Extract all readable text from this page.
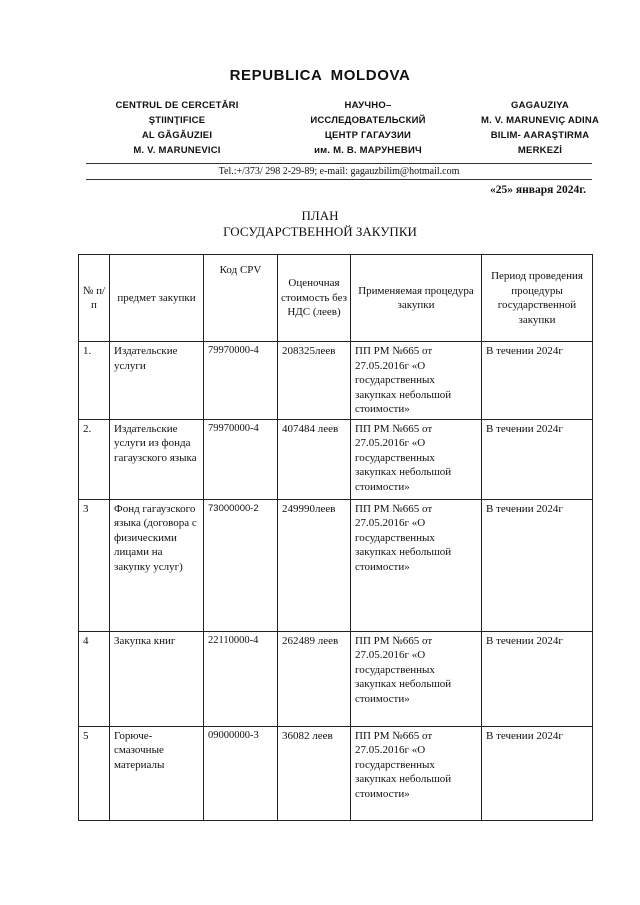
REPUBLICA MOLDOVA
CENTRUL DE CERCETĂRI
ŞTIINŢIFICE
AL GĂGĂUZIEI
M. V. MARUNEVICI
НАУЧНО–
ИССЛЕДОВАТЕЛЬСКИЙ
ЦЕНТР ГАГАУЗИИ
им. М. В. МАРУНЕВИЧ
GAGAUZIYA
M. V. MARUNEVIÇ ADINA
BILIM- AARAŞTIRMA
MERKEZİ
Tel.:+/373/ 298 2-29-89; e-mail: gagauzbilim@hotmail.com
«25» января 2024г.
ПЛАН
ГОСУДАРСТВЕННОЙ ЗАКУПКИ
№ п/п	предмет закупки	Код CPV	Оценочная стоимость без НДС (леев)	Применяемая процедура закупки	Период проведения процедуры государственной закупки
1.	Издательские услуги	79970000-4	208325леев	ПП РМ №665 от 27.05.2016г «О государственных закупках небольшой стоимости»	В течении 2024г
2.	Издательские услуги из фонда гагаузского языка	79970000-4	407484 леев	ПП РМ №665 от 27.05.2016г «О государственных закупках небольшой стоимости»	В течении 2024г
3	Фонд гагаузского языка (договора с физическими лицами на закупку услуг)	73000000-2	249990леев	ПП РМ №665 от 27.05.2016г «О государственных закупках небольшой стоимости»	В течении 2024г
4	Закупка книг	22110000-4	262489 леев	ПП РМ №665 от 27.05.2016г «О государственных закупках небольшой стоимости»	В течении 2024г
5	Горюче-смазочные материалы	09000000-3	36082 леев	ПП РМ №665 от 27.05.2016г «О государственных закупках небольшой стоимости»	В течении 2024г
